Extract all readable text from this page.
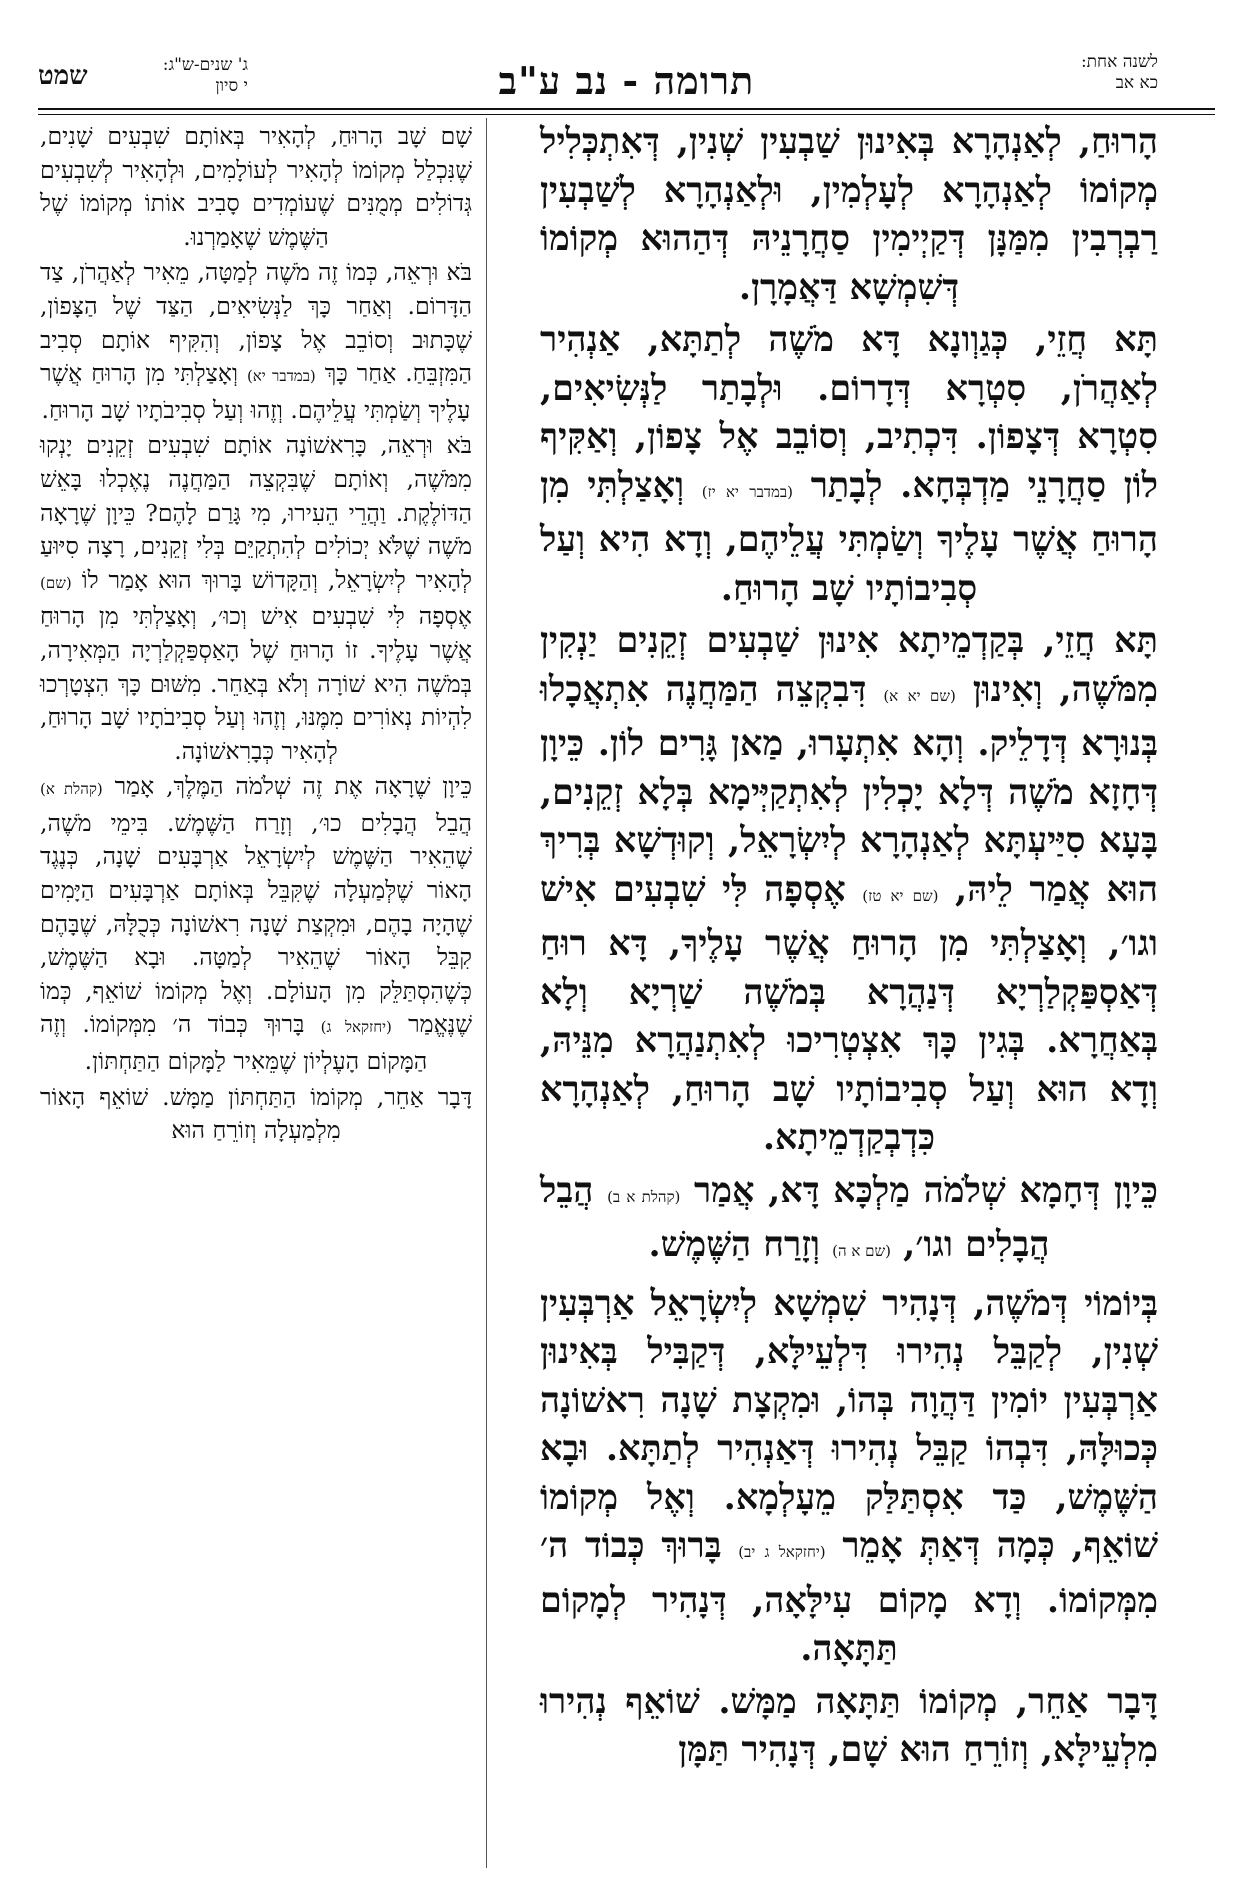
לשנה אחת:
כא אב
תרומה - נב ע"ב
ג' שנים-ש"ג:
י סיון
שמט

הָרוּחַ, לְאַנְהָרָא בְּאִינוּן שַׁבְעִין שְׁנִין, דְּאִתְכְּלִיל מְקוֹמוֹ לְאַנְהָרָא לְעָלְמִין, וּלְאַנְהָרָא לְשַׁבְעִין רַבְרְבִין מִמַּנָּן דְּקַיְימִין סַחֲרָנֵיהּ דְּהַהוּא מְקוֹמוֹ דְּשִׁמְשָׁא דַּאֲמָרָן.

תָּא חֲזֵי, כְּגַוְונָא דָּא מֹשֶׁה לְתַתָּא, אַנְהִיר לְאַהֲרֹן, סִטְרָא דְּדָרוֹם. וּלְבָתַר לַנְּשִׂיאִים, סִטְרָא דְּצָפוֹן. דִּכְתִיב, וְסוֹבֵב אֶל צָפוֹן, וְאַקִּיף לוֹן סַחֲרָנֵי מַדְבְּחָא. לְבָתַר (במדבר יא יז) וְאָצַלְתִּי מִן הָרוּחַ אֲשֶׁר עָלֶיךָ וְשַׂמְתִּי עֲלֵיהֶם, וְדָא הִיא וְעַל סְבִיבוֹתָיו שָׁב הָרוּחַ.

תָּא חֲזֵי, בְּקַדְמֵיתָא אִינוּן שַׁבְעִים זְקֵנִים יַנְקִין מִמֹּשֶׁה, וְאִינוּן (שם יא א) דִּבִקְצֵה הַמַּחֲנֶה אִתְאֲכָלוּ בְּנוּרָא דְּדָלֵיק. וְהָא אִתְעָרוּ, מַאן גָּרִים לוֹן. כֵּיוָן דְּחָזָא מֹשֶׁה דְּלָא יָכְלִין לְאִתְקַיְּימָא בְּלָא זְקֵנִים, בָּעָא סִיַּיעְתָּא לְאַנְהָרָא לְיִשְׂרָאֵל, וְקוּדְשָׁא בְּרִיךְ הוּא אֲמַר לֵיהּ, (שם יא טז) אֶסְפָה לִּי שִׁבְעִים אִישׁ וגו׳, וְאָצַלְתִּי מִן הָרוּחַ אֲשֶׁר עָלֶיךָ, דָּא רוּחַ דְּאַסְפַּקְלַרְיָא דְּנַהֲרָא בְּמֹשֶׁה שַׁרְיָא וְלָא בְּאַחֲרָא. בְּגִין כָּךְ אִצְטְרִיכוּ לְאִתְנַהֲרָא מִנֵּיהּ, וְדָא הוּא וְעַל סְבִיבוֹתָיו שָׁב הָרוּחַ, לְאַנְהָרָא כִּדְבְקַדְמֵיתָא.

כֵּיוָן דְּחָמָא שְׁלֹמֹה מַלְכָּא דָּא, אֲמַר (קהלת א ב) הֲבֵל הֲבָלִים וגו׳, (שם א ה) וְזָרַח הַשֶּׁמֶשׁ.

בְּיוֹמוֹי דְּמֹשֶׁה, דְּנָהִיר שִׁמְשָׁא לְיִשְׂרָאֵל אַרְבְּעִין שְׁנִין, לְקַבֵּל נְהִירוּ דִּלְעֵילָּא, דְּקַבִּיל בְּאִינוּן אַרְבְּעִין יוֹמִין דַּהֲוָה בְּהוֹ, וּמִקְצָת שָׁנָה רִאשׁוֹנָה כְּכוּלָּהּ, דִּבְהוֹ קַבֵּל נְהִירוּ דְּאַנְהִיר לְתַתָּא. וּבָא הַשֶּׁמֶשׁ, כַּד אִסְתַּלַּק מֵעָלְמָא. וְאֶל מְקוֹמוֹ שׁוֹאֵף, כְּמָה דְּאַתְּ אָמֵר (יחזקאל ג יב) בָּרוּךְ כְּבוֹד ה׳ מִמְּקוֹמוֹ. וְדָא מָקוֹם עִילָּאָה, דְּנָהִיר לְמָקוֹם תַּתָּאָה.

דָּבָר אַחֵר, מְקוֹמוֹ תַּתָּאָה מַמָּשׁ. שׁוֹאֵף נְהִירוּ מִלְעֵילָּא, וְזוֹרֵחַ הוּא שָׁם, דְּנָהִיר תַּמָּן

שָׁם שָׁב הָרוּחַ, לְהָאִיר בְּאוֹתָם שִׁבְעִים שָׁנִים, שֶׁנִּכְלַל מְקוֹמוֹ לְהָאִיר לְעוֹלָמִים, וּלְהָאִיר לְשִׁבְעִים גְּדוֹלִים מְמֻנִּים שֶׁעוֹמְדִים סָבִיב אוֹתוֹ מְקוֹמוֹ שֶׁל הַשֶּׁמֶשׁ שֶׁאָמַרְנוּ.

בֹּא וּרְאֵה, כְּמוֹ זֶה מֹשֶׁה לְמַטָּה, מֵאִיר לְאַהֲרֹן, צַד הַדָּרוֹם. וְאַחַר כָּךְ לַנְּשִׂיאִים, הַצַּד שֶׁל הַצָּפוֹן, שֶׁכָּתוּב וְסוֹבֵב אֶל צָפוֹן, וְהִקִּיף אוֹתָם סְבִיב הַמִּזְבֵּחַ. אַחַר כָּךְ (במדבר יא) וְאָצַלְתִּי מִן הָרוּחַ אֲשֶׁר עָלֶיךָ וְשַׂמְתִּי עֲלֵיהֶם. וְזֶהוּ וְעַל סְבִיבֹתָיו שָׁב הָרוּחַ.

בֹּא וּרְאֵה, כָּרִאשׁוֹנָה אוֹתָם שִׁבְעִים זְקֵנִים יָנְקוּ מִמֹּשֶׁה, וְאוֹתָם שֶׁבִּקְצֵה הַמַּחֲנֶה נֶאֶכְלוּ בָּאֵשׁ הַדּוֹלֶקֶת. וַהֲרֵי הֵעִירוּ, מִי גָּרַם לָהֶם? כֵּיוָן שֶׁרָאָה מֹשֶׁה שֶׁלֹּא יְכוֹלִים לְהִתְקַיֵּם בְּלִי זְקֵנִים, רָצָה סִיּוּעַ לְהָאִיר לְיִשְׂרָאֵל, וְהַקָּדוֹשׁ בָּרוּךְ הוּא אָמַר לוֹ (שם) אֶסְפָה לִּי שִׁבְעִים אִישׁ וְכוּ׳, וְאָצַלְתִּי מִן הָרוּחַ אֲשֶׁר עָלֶיךָ. זוֹ הָרוּחַ שֶׁל הָאַסְפַּקְלַרְיָה הַמְּאִירָה, בְּמֹשֶׁה הִיא שׁוֹרָה וְלֹא בְּאַחֵר. מִשּׁוּם כָּךְ הִצְטָרְכוּ לִהְיוֹת נְאוֹרִים מִמֶּנּוּ, וְזֶהוּ וְעַל סְבִיבֹתָיו שָׁב הָרוּחַ, לְהָאִיר כְּבָרִאשׁוֹנָה.

כֵּיוָן שֶׁרָאָה אֶת זֶה שְׁלֹמֹה הַמֶּלֶךְ, אָמַר (קהלת א) הֲבֵל הֲבָלִים כוּ׳, וְזָרַח הַשֶּׁמֶשׁ. בִּימֵי מֹשֶׁה, שֶׁהֵאִיר הַשֶּׁמֶשׁ לְיִשְׂרָאֵל אַרְבָּעִים שָׁנָה, כְּנֶגֶד הָאוֹר שֶׁלְּמַעְלָה שֶׁקִּבֵּל בְּאוֹתָם אַרְבָּעִים הַיָּמִים שֶׁהָיָה בָהֶם, וּמִקְצַת שָׁנָה רִאשׁוֹנָה כְּכֻלָּהּ, שֶׁבָּהֶם קִבֵּל הָאוֹר שֶׁהֵאִיר לְמַטָּה. וּבָא הַשֶּׁמֶשׁ, כְּשֶׁהִסְתַּלֵּק מִן הָעוֹלָם. וְאֶל מְקוֹמוֹ שׁוֹאֵף, כְּמוֹ שֶׁנֶּאֱמַר (יחזקאל ג) בָּרוּךְ כְּבוֹד ה׳ מִמְּקוֹמוֹ. וְזֶה הַמָּקוֹם הָעֶלְיוֹן שֶׁמֵּאִיר לַמָּקוֹם הַתַּחְתּוֹן.

דָּבָר אַחֵר, מְקוֹמוֹ הַתַּחְתּוֹן מַמָּשׁ. שׁוֹאֵף הָאוֹר מִלְמַעְלָה וְזוֹרֵחַ הוּא
